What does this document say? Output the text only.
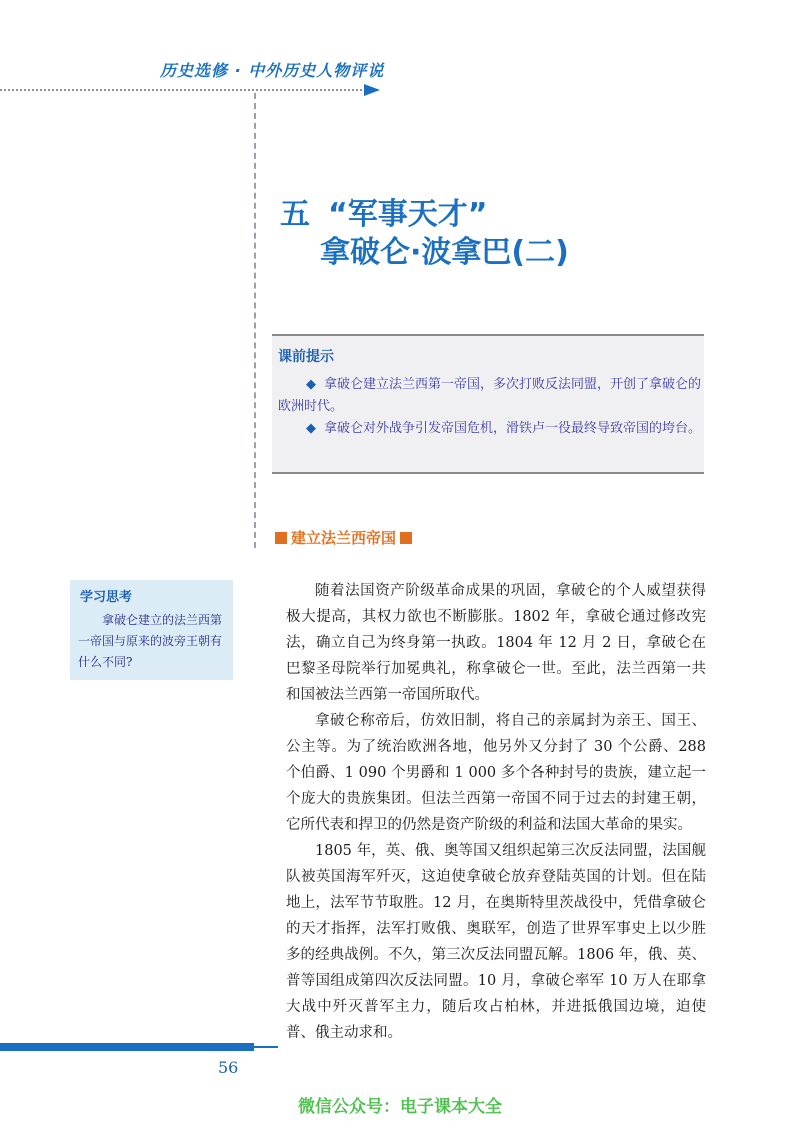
历史选修 · 中外历史人物评说
五 “军事天才”
拿破仑·波拿巴(二)
课前提示
◆ 拿破仑建立法兰西第一帝国，多次打败反法同盟，开创了拿破仑的欧洲时代。
◆ 拿破仑对外战争引发帝国危机，滑铁卢一役最终导致帝国的垮台。
建立法兰西帝国
学习思考
拿破仑建立的法兰西第一帝国与原来的波旁王朝有什么不同?

随着法国资产阶级革命成果的巩固，拿破仑的个人威望获得极大提高，其权力欲也不断膨胀。1802 年，拿破仑通过修改宪法，确立自己为终身第一执政。1804 年 12 月 2 日，拿破仑在巴黎圣母院举行加冕典礼，称拿破仑一世。至此，法兰西第一共和国被法兰西第一帝国所取代。

拿破仑称帝后，仿效旧制，将自己的亲属封为亲王、国王、公主等。为了统治欧洲各地，他另外又分封了 30 个公爵、288 个伯爵、1 090 个男爵和 1 000 多个各种封号的贵族，建立起一个庞大的贵族集团。但法兰西第一帝国不同于过去的封建王朝，它所代表和捍卫的仍然是资产阶级的利益和法国大革命的果实。

1805 年，英、俄、奥等国又组织起第三次反法同盟，法国舰队被英国海军歼灭，这迫使拿破仑放弃登陆英国的计划。但在陆地上，法军节节取胜。12 月，在奥斯特里茨战役中，凭借拿破仑的天才指挥，法军打败俄、奥联军，创造了世界军事史上以少胜多的经典战例。不久，第三次反法同盟瓦解。1806 年，俄、英、普等国组成第四次反法同盟。10 月，拿破仑率军 10 万人在耶拿大战中歼灭普军主力，随后攻占柏林，并进抵俄国边境，迫使普、俄主动求和。

56
微信公众号：电子课本大全
